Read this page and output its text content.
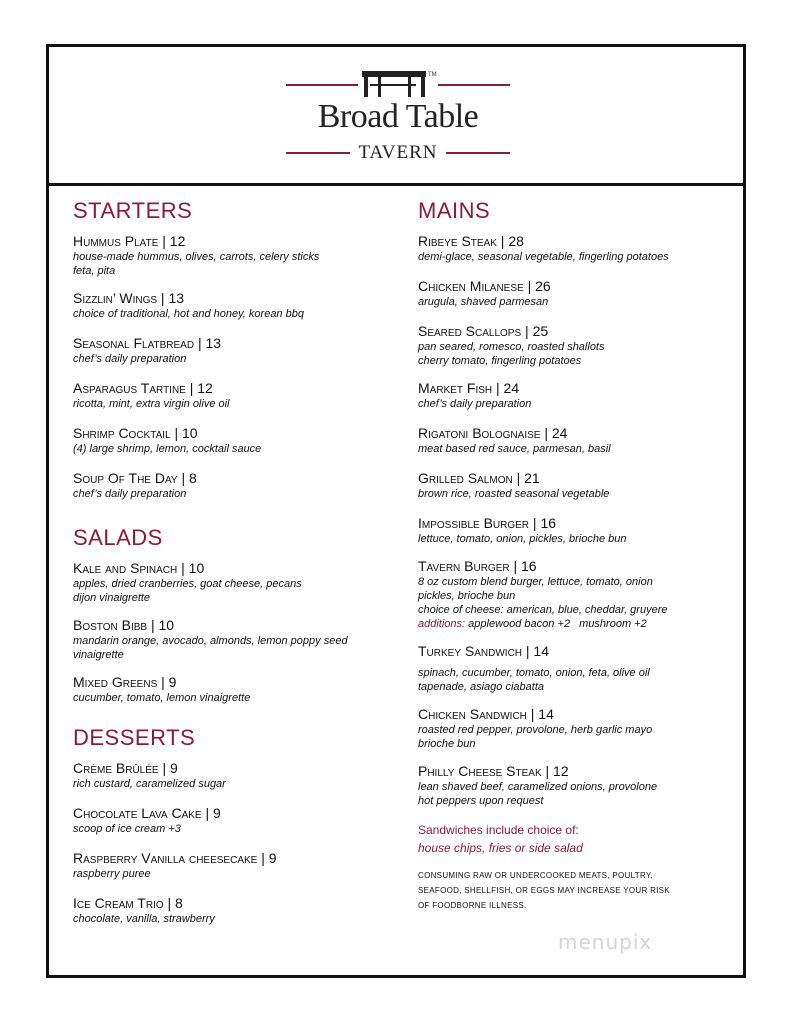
TM
Broad Table
TAVERN
STARTERS
Hummus Plate | 12
house-made hummus, olives, carrots, celery sticks
feta, pita
Sizzlin’ Wings | 13
choice of traditional, hot and honey, korean bbq
Seasonal Flatbread | 13
chef’s daily preparation
Asparagus Tartine | 12
ricotta, mint, extra virgin olive oil
Shrimp Cocktail | 10
(4) large shrimp, lemon, cocktail sauce
Soup Of The Day | 8
chef’s daily preparation
SALADS
Kale and Spinach | 10
apples, dried cranberries, goat cheese, pecans
dijon vinaigrette
Boston Bibb | 10
mandarin orange, avocado, almonds, lemon poppy seed
vinaigrette
Mixed Greens | 9
cucumber, tomato, lemon vinaigrette
DESSERTS
Crème Brûlée | 9
rich custard, caramelized sugar
Chocolate Lava Cake | 9
scoop of ice cream +3
Raspberry Vanilla cheesecake | 9
raspberry puree
Ice Cream Trio | 8
chocolate, vanilla, strawberry
MAINS
Ribeye Steak | 28
demi-glace, seasonal vegetable, fingerling potatoes
Chicken Milanese | 26
arugula, shaved parmesan
Seared Scallops | 25
pan seared, romesco, roasted shallots
cherry tomato, fingerling potatoes
Market Fish | 24
chef’s daily preparation
Rigatoni Bolognaise | 24
meat based red sauce, parmesan, basil
Grilled Salmon | 21
brown rice, roasted seasonal vegetable
Impossible Burger | 16
lettuce, tomato, onion, pickles, brioche bun
Tavern Burger | 16
8 oz custom blend burger, lettuce, tomato, onion
pickles, brioche bun
choice of cheese: american, blue, cheddar, gruyere
additions: applewood bacon +2   mushroom +2
Turkey Sandwich | 14
spinach, cucumber, tomato, onion, feta, olive oil
tapenade, asiago ciabatta
Chicken Sandwich | 14
roasted red pepper, provolone, herb garlic mayo
brioche bun
Philly Cheese Steak | 12
lean shaved beef, caramelized onions, provolone
hot peppers upon request
Sandwiches include choice of:
house chips, fries or side salad
CONSUMING RAW OR UNDERCOOKED MEATS, POULTRY,
SEAFOOD, SHELLFISH, OR EGGS MAY INCREASE YOUR RISK
OF FOODBORNE ILLNESS.
menupix
